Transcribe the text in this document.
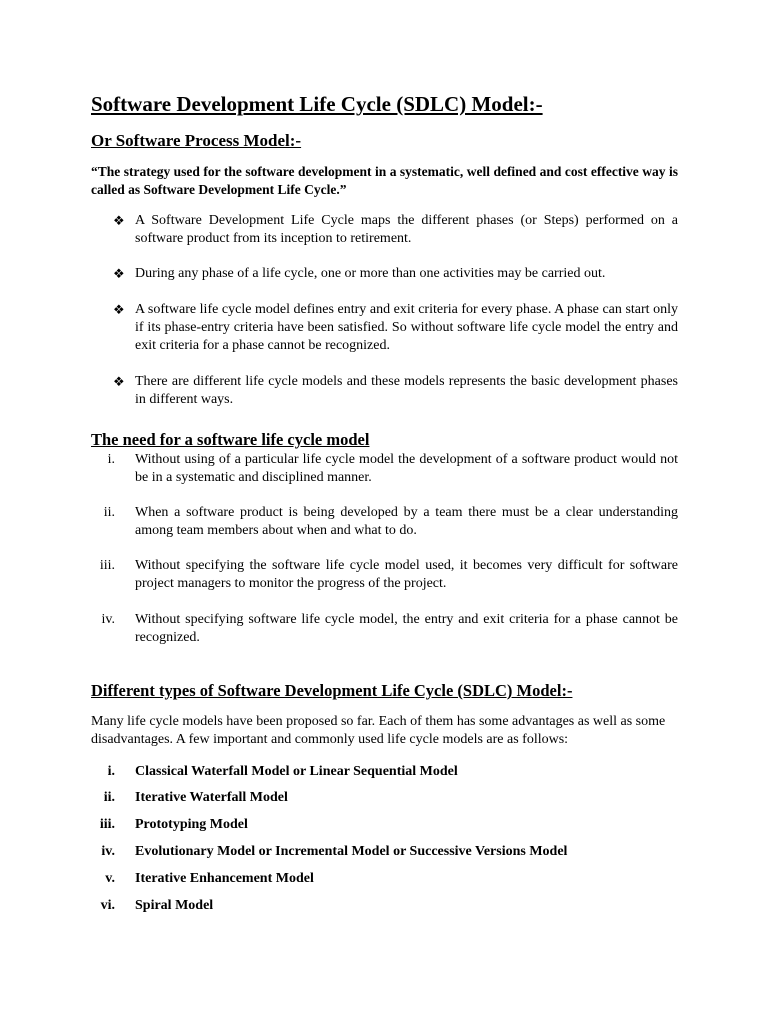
Software Development Life Cycle (SDLC) Model:-
Or Software Process Model:-
“The strategy used for the software development in a systematic, well defined and cost effective way is called as Software Development Life Cycle.”
❖ A Software Development Life Cycle maps the different phases (or Steps) performed on a software product from its inception to retirement.
❖ During any phase of a life cycle, one or more than one activities may be carried out.
❖ A software life cycle model defines entry and exit criteria for every phase. A phase can start only if its phase-entry criteria have been satisfied. So without software life cycle model the entry and exit criteria for a phase cannot be recognized.
❖ There are different life cycle models and these models represents the basic development phases in different ways.
The need for a software life cycle model
i. Without using of a particular life cycle model the development of a software product would not be in a systematic and disciplined manner.
ii. When a software product is being developed by a team there must be a clear understanding among team members about when and what to do.
iii. Without specifying the software life cycle model used, it becomes very difficult for software project managers to monitor the progress of the project.
iv. Without specifying software life cycle model, the entry and exit criteria for a phase cannot be recognized.
Different types of Software Development Life Cycle (SDLC) Model:-
Many life cycle models have been proposed so far. Each of them has some advantages as well as some disadvantages. A few important and commonly used life cycle models are as follows:
i. Classical Waterfall Model or Linear Sequential Model
ii. Iterative Waterfall Model
iii. Prototyping Model
iv. Evolutionary Model or Incremental Model or Successive Versions Model
v. Iterative Enhancement Model
vi. Spiral Model
